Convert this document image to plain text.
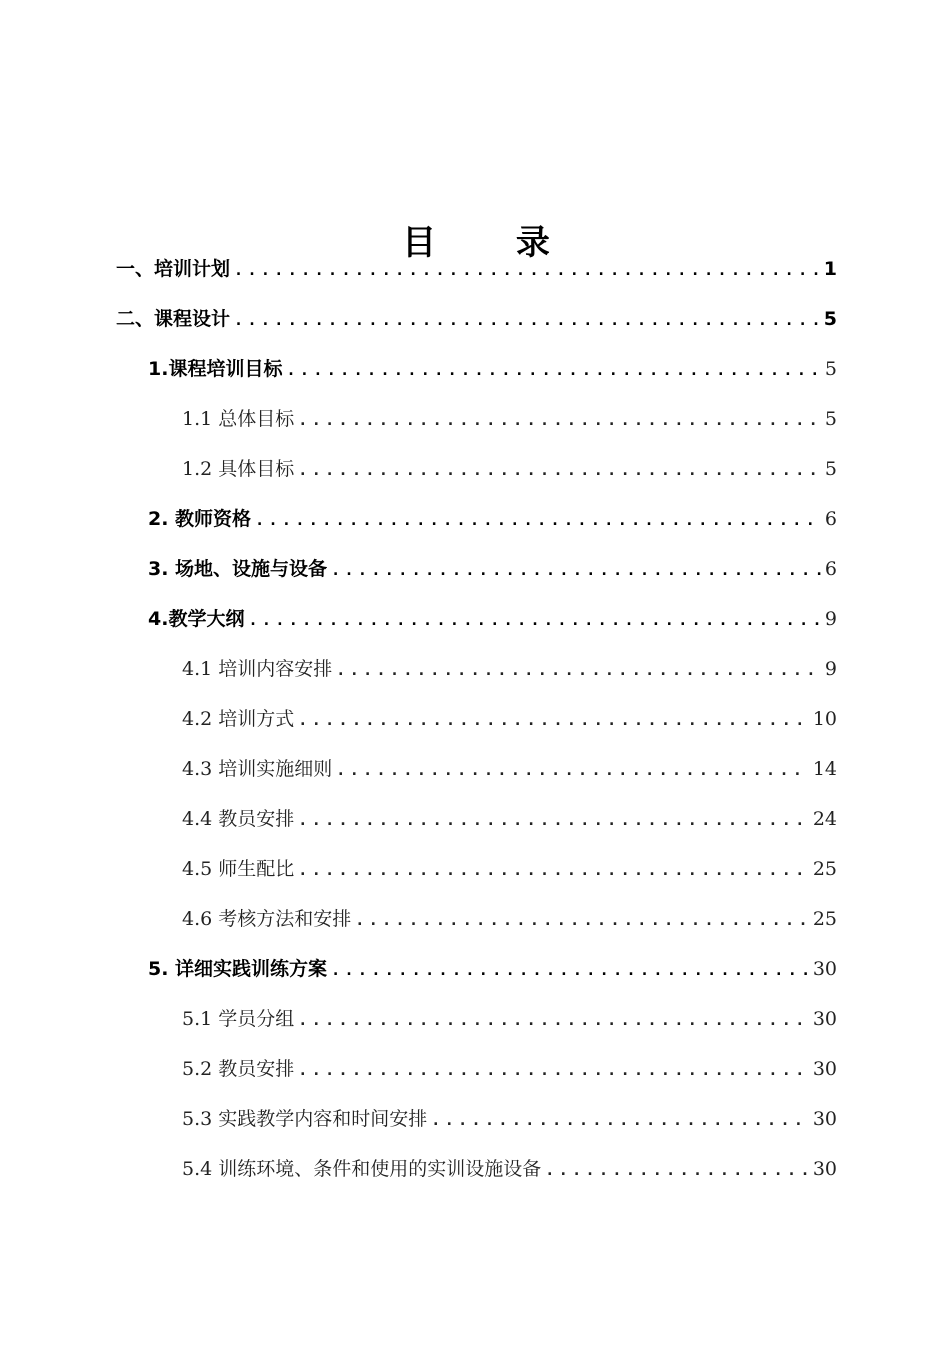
目 录
一、培训计划 .....	1
二、课程设计 .....	5
1.课程培训目标 .....	5
1.1 总体目标 .....	5
1.2 具体目标 .....	5
2. 教师资格 .....	6
3. 场地、设施与设备 .....	6
4.教学大纲 .....	9
4.1 培训内容安排 .....	9
4.2 培训方式 .....	10
4.3 培训实施细则 .....	14
4.4 教员安排 .....	24
4.5 师生配比 .....	25
4.6 考核方法和安排 .....	25
5. 详细实践训练方案 .....	30
5.1 学员分组 .....	30
5.2 教员安排 .....	30
5.3 实践教学内容和时间安排 .....	30
5.4 训练环境、条件和使用的实训设施设备 .....	30
